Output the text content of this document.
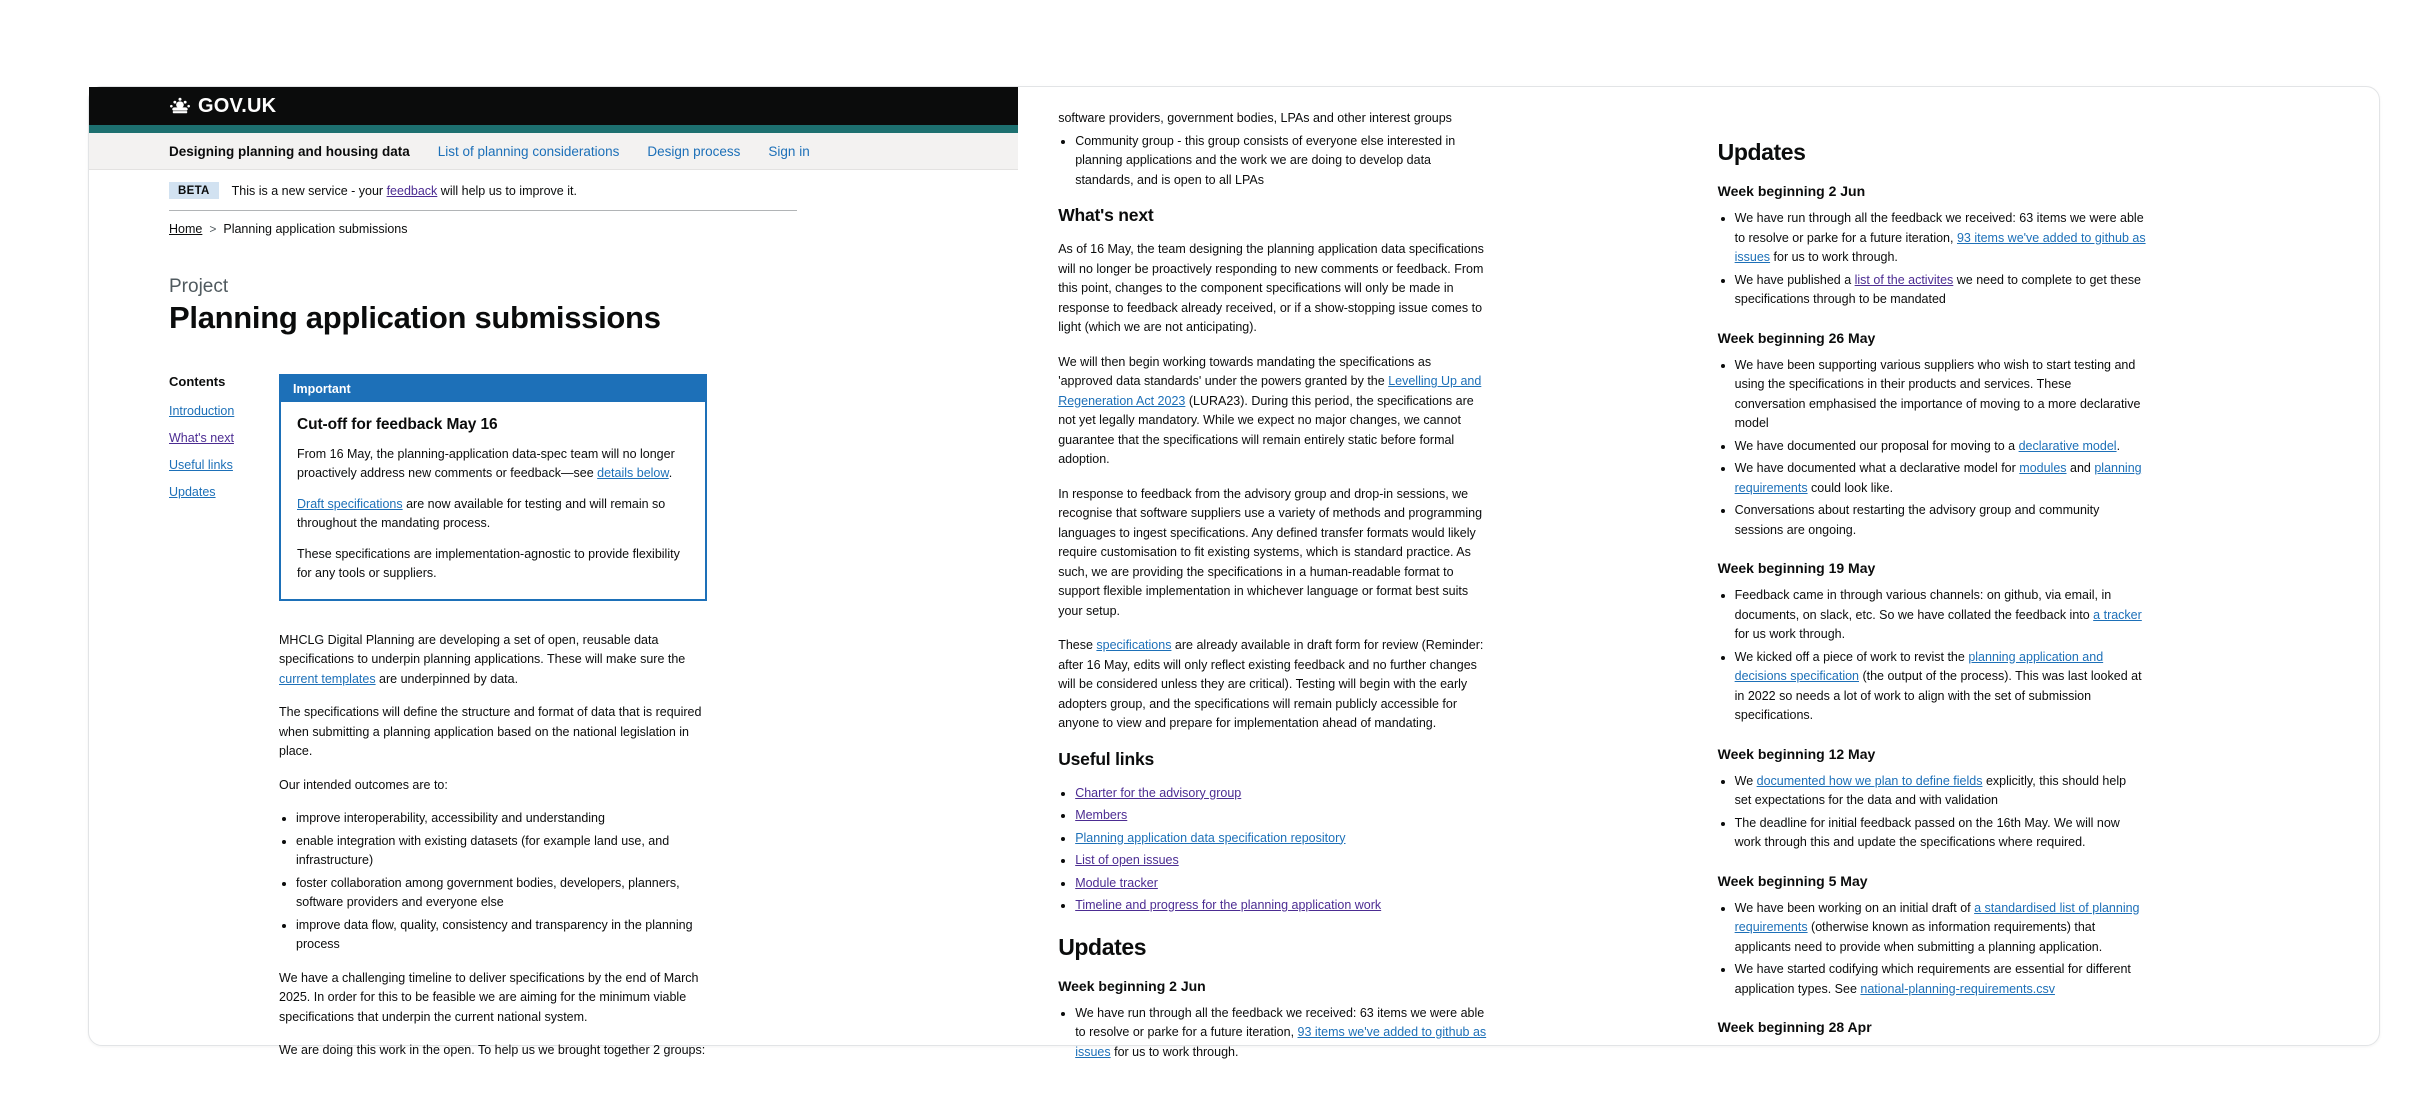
GOV.UK
Designing planning and housing data List of planning considerations Design process Sign in
BETA	This is a new service - your feedback will help us to improve it.
Home > Planning application submissions
Project
Planning application submissions
Contents
Introduction
What's next
Useful links
Updates
Important
Cut-off for feedback May 16

From 16 May, the planning-application data-spec team will no longer proactively address new comments or feedback—see details below.

Draft specifications are now available for testing and will remain so throughout the mandating process.

These specifications are implementation-agnostic to provide flexibility for any tools or suppliers.

MHCLG Digital Planning are developing a set of open, reusable data specifications to underpin planning applications. These will make sure the current templates are underpinned by data.

The specifications will define the structure and format of data that is required when submitting a planning application based on the national legislation in place.

Our intended outcomes are to:

• improve interoperability, accessibility and understanding
• enable integration with existing datasets (for example land use, and infrastructure)
• foster collaboration among government bodies, developers, planners, software providers and everyone else
• improve data flow, quality, consistency and transparency in the planning process

We have a challenging timeline to deliver specifications by the end of March 2025. In order for this to be feasible we are aiming for the minimum viable specifications that underpin the current national system.

We are doing this work in the open. To help us we brought together 2 groups:

software providers, government bodies, LPAs and other interest groups
• Community group - this group consists of everyone else interested in planning applications and the work we are doing to develop data standards, and is open to all LPAs
What's next

As of 16 May, the team designing the planning application data specifications will no longer be proactively responding to new comments or feedback. From this point, changes to the component specifications will only be made in response to feedback already received, or if a show-stopping issue comes to light (which we are not anticipating).

We will then begin working towards mandating the specifications as 'approved data standards' under the powers granted by the Levelling Up and Regeneration Act 2023 (LURA23). During this period, the specifications are not yet legally mandatory. While we expect no major changes, we cannot guarantee that the specifications will remain entirely static before formal adoption.

In response to feedback from the advisory group and drop-in sessions, we recognise that software suppliers use a variety of methods and programming languages to ingest specifications. Any defined transfer formats would likely require customisation to fit existing systems, which is standard practice. As such, we are providing the specifications in a human-readable format to support flexible implementation in whichever language or format best suits your setup.

These specifications are already available in draft form for review (Reminder: after 16 May, edits will only reflect existing feedback and no further changes will be considered unless they are critical). Testing will begin with the early adopters group, and the specifications will remain publicly accessible for anyone to view and prepare for implementation ahead of mandating.

Useful links
• Charter for the advisory group
• Members
• Planning application data specification repository
• List of open issues
• Module tracker
• Timeline and progress for the planning application work
Updates
Week beginning 2 Jun
• We have run through all the feedback we received: 63 items we were able to resolve or parke for a future iteration, 93 items we've added to github as issues for us to work through.
Updates
Week beginning 2 Jun
• We have run through all the feedback we received: 63 items we were able to resolve or parke for a future iteration, 93 items we've added to github as issues for us to work through.
• We have published a list of the activites we need to complete to get these specifications through to be mandated
Week beginning 26 May
• We have been supporting various suppliers who wish to start testing and using the specifications in their products and services. These conversation emphasised the importance of moving to a more declarative model
• We have documented our proposal for moving to a declarative model.
• We have documented what a declarative model for modules and planning requirements could look like.
• Conversations about restarting the advisory group and community sessions are ongoing.
Week beginning 19 May
• Feedback came in through various channels: on github, via email, in documents, on slack, etc. So we have collated the feedback into a tracker for us work through.
• We kicked off a piece of work to revist the planning application and decisions specification (the output of the process). This was last looked at in 2022 so needs a lot of work to align with the set of submission specifications.
Week beginning 12 May
• We documented how we plan to define fields explicitly, this should help set expectations for the data and with validation
• The deadline for initial feedback passed on the 16th May. We will now work through this and update the specifications where required.
Week beginning 5 May
• We have been working on an initial draft of a standardised list of planning requirements (otherwise known as information requirements) that applicants need to provide when submitting a planning application.
• We have started codifying which requirements are essential for different application types. See national-planning-requirements.csv
Week beginning 28 Apr
